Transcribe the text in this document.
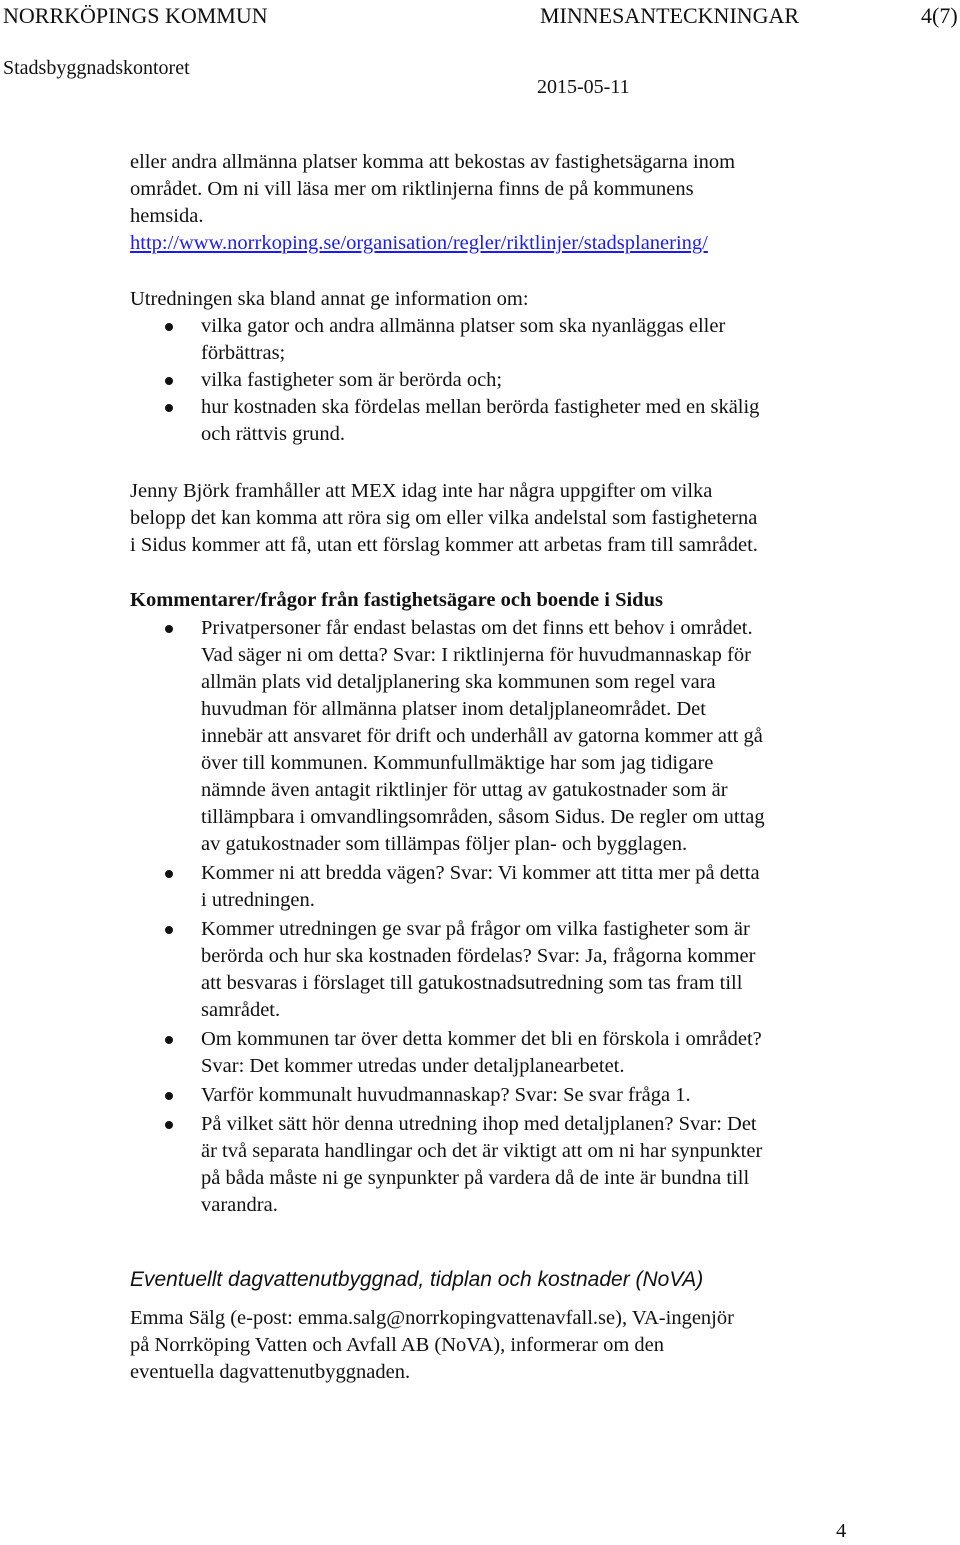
NORRKÖPINGS KOMMUN	MINNESANTECKNINGAR	4(7)
Stadsbyggnadskontoret
2015-05-11
eller andra allmänna platser komma att bekostas av fastighetsägarna inom
området. Om ni vill läsa mer om riktlinjerna finns de på kommunens
hemsida.
http://www.norrkoping.se/organisation/regler/riktlinjer/stadsplanering/
Utredningen ska bland annat ge information om:
vilka gator och andra allmänna platser som ska nyanläggas eller
förbättras;
vilka fastigheter som är berörda och;
hur kostnaden ska fördelas mellan berörda fastigheter med en skälig
och rättvis grund.
Jenny Björk framhåller att MEX idag inte har några uppgifter om vilka
belopp det kan komma att röra sig om eller vilka andelstal som fastigheterna
i Sidus kommer att få, utan ett förslag kommer att arbetas fram till samrådet.
Kommentarer/frågor från fastighetsägare och boende i Sidus
Privatpersoner får endast belastas om det finns ett behov i området.
Vad säger ni om detta? Svar: I riktlinjerna för huvudmannaskap för
allmän plats vid detaljplanering ska kommunen som regel vara
huvudman för allmänna platser inom detaljplaneområdet. Det
innebär att ansvaret för drift och underhåll av gatorna kommer att gå
över till kommunen. Kommunfullmäktige har som jag tidigare
nämnde även antagit riktlinjer för uttag av gatukostnader som är
tillämpbara i omvandlingsområden, såsom Sidus. De regler om uttag
av gatukostnader som tillämpas följer plan- och bygglagen.
Kommer ni att bredda vägen? Svar: Vi kommer att titta mer på detta
i utredningen.
Kommer utredningen ge svar på frågor om vilka fastigheter som är
berörda och hur ska kostnaden fördelas? Svar: Ja, frågorna kommer
att besvaras i förslaget till gatukostnadsutredning som tas fram till
samrådet.
Om kommunen tar över detta kommer det bli en förskola i området?
Svar: Det kommer utredas under detaljplanearbetet.
Varför kommunalt huvudmannaskap? Svar: Se svar fråga 1.
På vilket sätt hör denna utredning ihop med detaljplanen? Svar: Det
är två separata handlingar och det är viktigt att om ni har synpunkter
på båda måste ni ge synpunkter på vardera då de inte är bundna till
varandra.
Eventuellt dagvattenutbyggnad, tidplan och kostnader (NoVA)
Emma Sälg (e-post: emma.salg@norrkopingvattenavfall.se), VA-ingenjör
på Norrköping Vatten och Avfall AB (NoVA), informerar om den
eventuella dagvattenutbyggnaden.
4
